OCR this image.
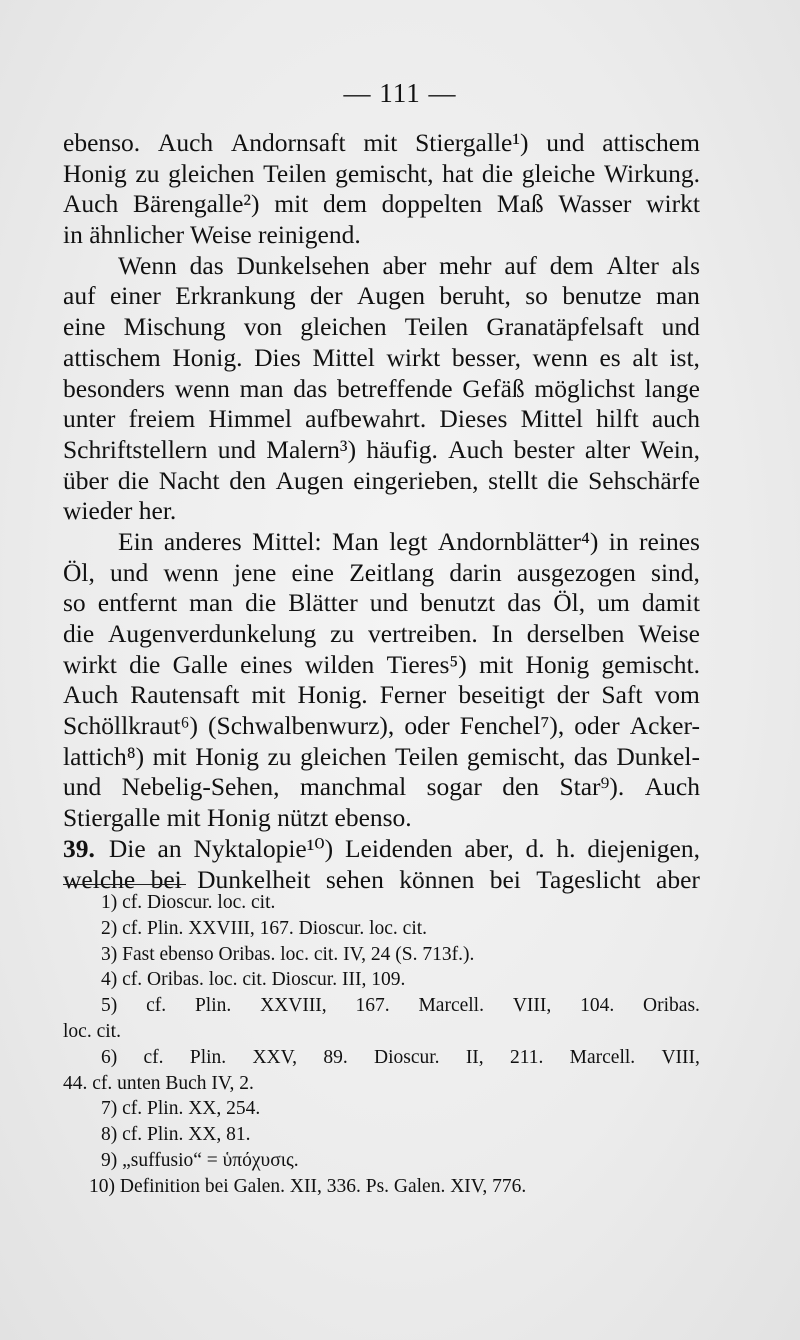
— 111 —
ebenso. Auch Andornsaft mit Stiergalle¹) und attischem
Honig zu gleichen Teilen gemischt, hat die gleiche Wirkung.
Auch Bärengalle²) mit dem doppelten Maß Wasser wirkt
in ähnlicher Weise reinigend.
Wenn das Dunkelsehen aber mehr auf dem Alter als
auf einer Erkrankung der Augen beruht, so benutze man
eine Mischung von gleichen Teilen Granatäpfelsaft und
attischem Honig. Dies Mittel wirkt besser, wenn es alt ist,
besonders wenn man das betreffende Gefäß möglichst lange
unter freiem Himmel aufbewahrt. Dieses Mittel hilft auch
Schriftstellern und Malern³) häufig. Auch bester alter Wein,
über die Nacht den Augen eingerieben, stellt die Sehschärfe
wieder her.
Ein anderes Mittel: Man legt Andornblätter⁴) in reines
Öl, und wenn jene eine Zeitlang darin ausgezogen sind,
so entfernt man die Blätter und benutzt das Öl, um damit
die Augenverdunkelung zu vertreiben. In derselben Weise
wirkt die Galle eines wilden Tieres⁵) mit Honig gemischt.
Auch Rautensaft mit Honig. Ferner beseitigt der Saft vom
Schöllkraut⁶) (Schwalbenwurz), oder Fenchel⁷), oder Acker-
lattich⁸) mit Honig zu gleichen Teilen gemischt, das Dunkel-
und Nebelig-Sehen, manchmal sogar den Star⁹). Auch
Stiergalle mit Honig nützt ebenso.
39. Die an Nyktalopie¹⁰) Leidenden aber, d. h. diejenigen,
welche bei Dunkelheit sehen können bei Tageslicht aber
1) cf. Dioscur. loc. cit.
2) cf. Plin. XXVIII, 167. Dioscur. loc. cit.
3) Fast ebenso Oribas. loc. cit. IV, 24 (S. 713f.).
4) cf. Oribas. loc. cit. Dioscur. III, 109.
5) cf. Plin. XXVIII, 167. Marcell. VIII, 104. Oribas.
loc. cit.
6) cf. Plin. XXV, 89. Dioscur. II, 211. Marcell. VIII,
44. cf. unten Buch IV, 2.
7) cf. Plin. XX, 254.
8) cf. Plin. XX, 81.
9) „suffusio“ = ὑπόχυσις.
10) Definition bei Galen. XII, 336. Ps. Galen. XIV, 776.
